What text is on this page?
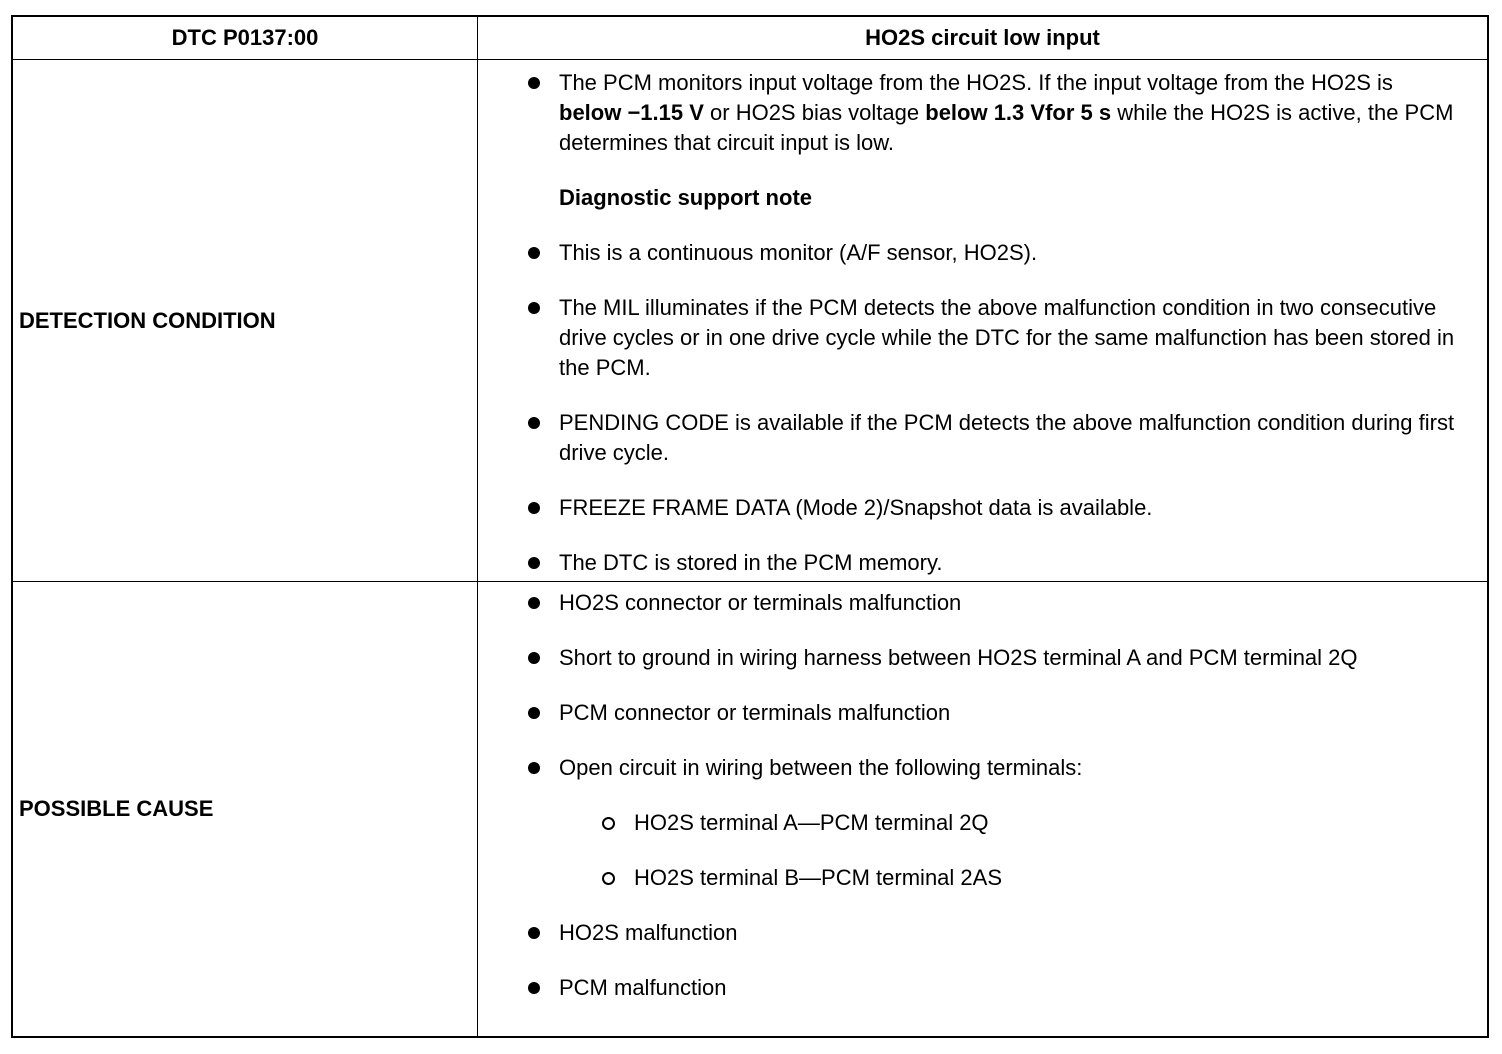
DTC P0137:00	HO2S circuit low input
DETECTION CONDITION
The PCM monitors input voltage from the HO2S. If the input voltage from the HO2S is below −1.15 V or HO2S bias voltage below 1.3 Vfor 5 s while the HO2S is active, the PCM determines that circuit input is low.
Diagnostic support note
This is a continuous monitor (A/F sensor, HO2S).
The MIL illuminates if the PCM detects the above malfunction condition in two consecutive drive cycles or in one drive cycle while the DTC for the same malfunction has been stored in the PCM.
PENDING CODE is available if the PCM detects the above malfunction condition during first drive cycle.
FREEZE FRAME DATA (Mode 2)/Snapshot data is available.
The DTC is stored in the PCM memory.
POSSIBLE CAUSE
HO2S connector or terminals malfunction
Short to ground in wiring harness between HO2S terminal A and PCM terminal 2Q
PCM connector or terminals malfunction
Open circuit in wiring between the following terminals:
HO2S terminal A—PCM terminal 2Q
HO2S terminal B—PCM terminal 2AS
HO2S malfunction
PCM malfunction
